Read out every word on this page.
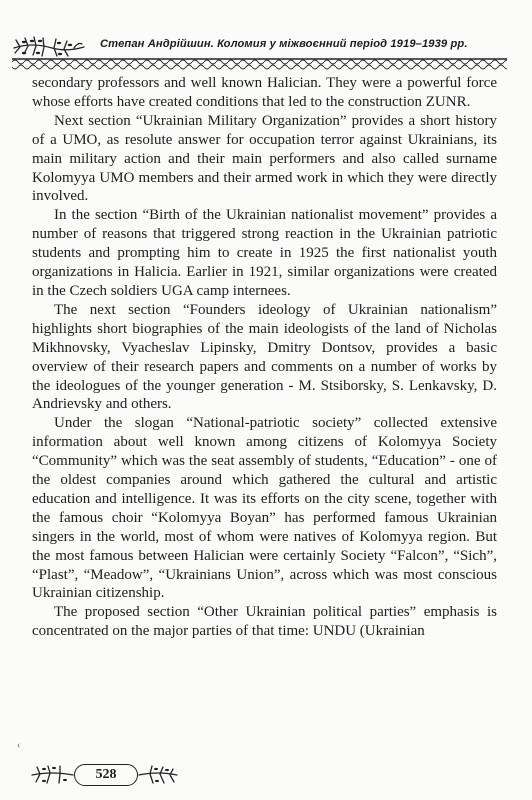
Степан Андрійшин. Коломия у міжвоєнний період 1919–1939 pp.

secondary professors and well known Halician. They were a powerful force whose efforts have created conditions that led to the construction ZUNR.

Next section “Ukrainian Military Organization” provides a short history of a UMO, as resolute answer for occupation terror against Ukrainians, its main military action and their main performers and also called surname Kolomyya UMO members and their armed work in which they were directly involved.

In the section “Birth of the Ukrainian nationalist movement” provides a number of reasons that triggered strong reaction in the Ukrainian patriotic students and prompting him to create in 1925 the first nationalist youth organizations in Halicia. Earlier in 1921, similar organizations were created in the Czech soldiers UGA camp internees.

The next section “Founders ideology of Ukrainian nationalism” highlights short biographies of the main ideologists of the land of Nicholas Mikhnovsky, Vyacheslav Lipinsky, Dmitry Dontsov, provides a basic overview of their research papers and comments on a number of works by the ideologues of the younger generation - M. Stsiborsky, S. Lenkavsky, D. Andrievsky and others.

Under the slogan “National-patriotic society” collected extensive information about well known among citizens of Kolomyya Society “Community” which was the seat assembly of students, “Education” - one of the oldest companies around which gathered the cultural and artistic education and intelligence. It was its efforts on the city scene, together with the famous choir “Kolomyya Boyan” has performed famous Ukrainian singers in the world, most of whom were natives of Kolomyya region. But the most famous between Halician were certainly Society “Falcon”, “Sich”, “Plast”, “Meadow”, “Ukrainians Union”, across which was most conscious Ukrainian citizenship.

The proposed section “Other Ukrainian political parties” emphasis is concentrated on the major parties of that time: UNDU (Ukrainian

‹
528
